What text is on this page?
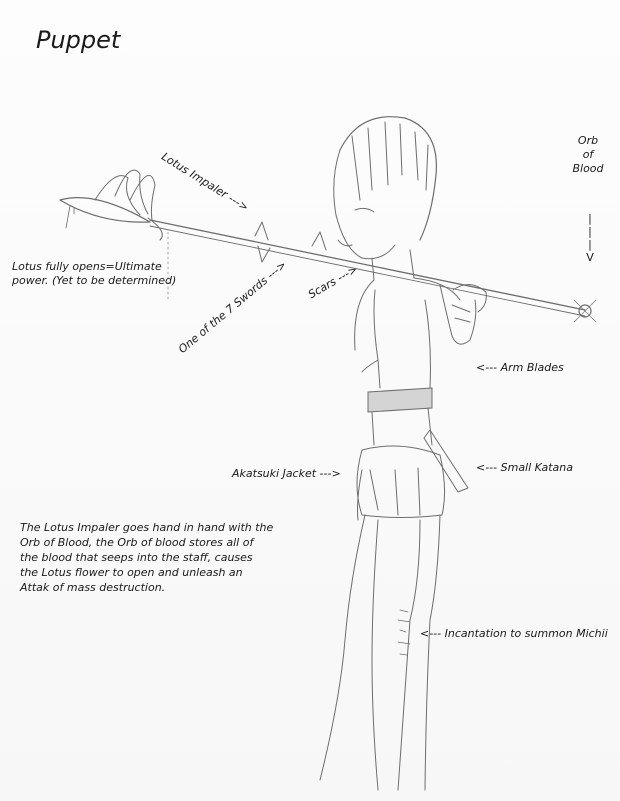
Puppet
Lotus Impaler --->
Orb
of
Blood
|
|
|
V
Lotus fully opens=Ultimate
power. (Yet to be determined)	Scars --->
One of the 7 Swords --->
<--- Arm Blades
Akatsuki Jacket --->	<--- Small Katana
<--- Incantation to summon Michii
The Lotus Impaler goes hand in hand with the
Orb of Blood, the Orb of blood stores all of
the blood that seeps into the staff, causes
the Lotus flower to open and unleash an
Attak of mass destruction.
